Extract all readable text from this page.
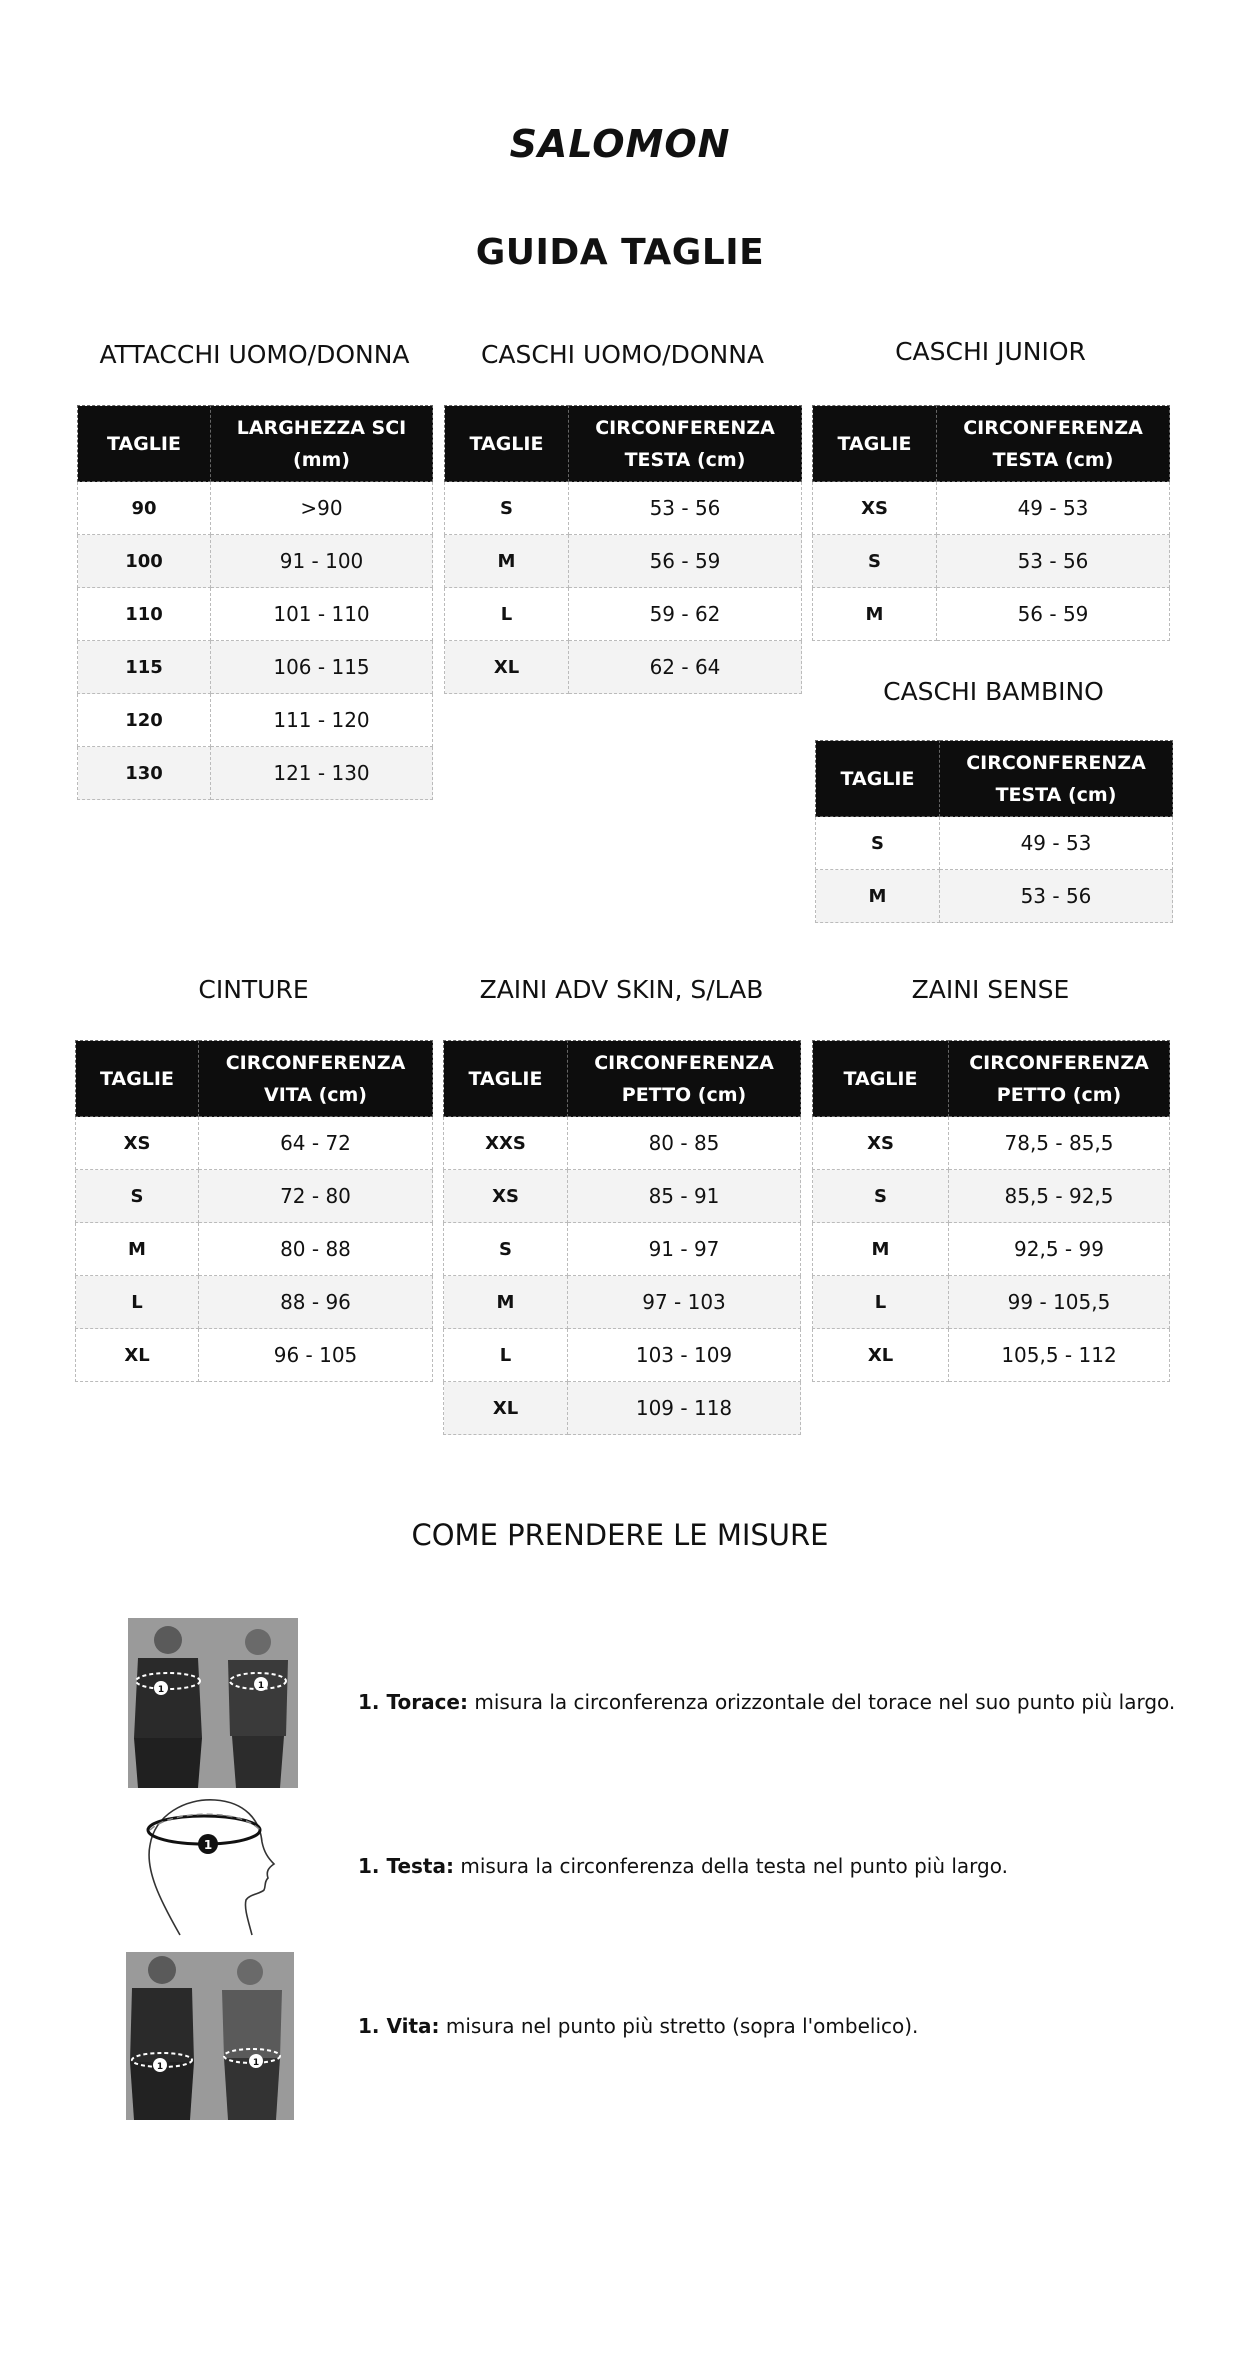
SALOMON
GUIDA TAGLIE
ATTACCHI UOMO/DONNA
TAGLIE	LARGHEZZA SCI (mm)
90	>90
100	91 - 100
110	101 - 110
115	106 - 115
120	111 - 120
130	121 - 130
CASCHI UOMO/DONNA
TAGLIE	CIRCONFERENZA TESTA (cm)
S	53 - 56
M	56 - 59
L	59 - 62
XL	62 - 64
CASCHI JUNIOR
TAGLIE	CIRCONFERENZA TESTA (cm)
XS	49 - 53
S	53 - 56
M	56 - 59
CASCHI BAMBINO
TAGLIE	CIRCONFERENZA TESTA (cm)
S	49 - 53
M	53 - 56
CINTURE
TAGLIE	CIRCONFERENZA VITA (cm)
XS	64 - 72
S	72 - 80
M	80 - 88
L	88 - 96
XL	96 - 105
ZAINI ADV SKIN, S/LAB
TAGLIE	CIRCONFERENZA PETTO (cm)
XXS	80 - 85
XS	85 - 91
S	91 - 97
M	97 - 103
L	103 - 109
XL	109 - 118
ZAINI SENSE
TAGLIE	CIRCONFERENZA PETTO (cm)
XS	78,5 - 85,5
S	85,5 - 92,5
M	92,5 - 99
L	99 - 105,5
XL	105,5 - 112
COME PRENDERE LE MISURE
1	1
1. Torace: misura la circonferenza orizzontale del torace nel suo punto più largo.
1
1. Testa: misura la circonferenza della testa nel punto più largo.
1	1
1. Vita: misura nel punto più stretto (sopra l'ombelico).
